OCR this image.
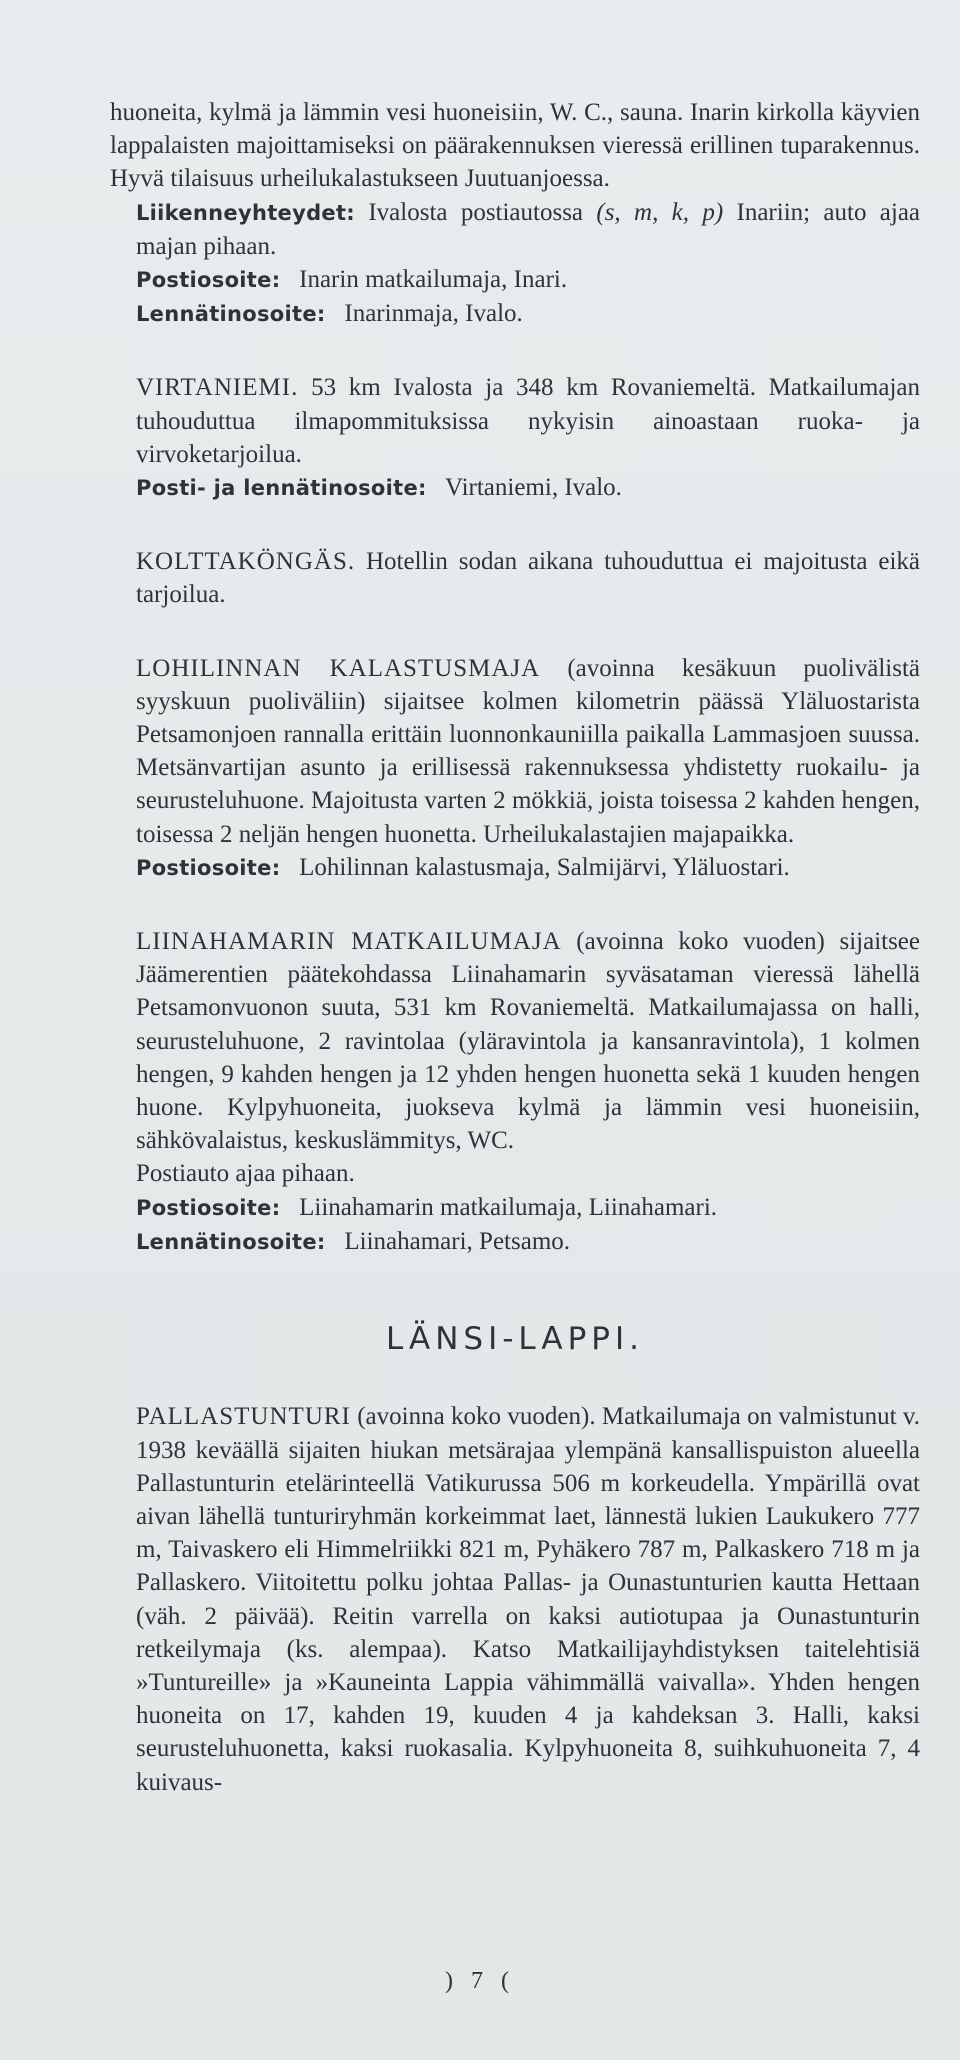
huoneita, kylmä ja lämmin vesi huoneisiin, W. C., sauna. Inarin kirkolla käyvien lappalaisten majoittamiseksi on päärakennuksen vieressä erillinen tuparakennus. Hyvä tilaisuus urheilukalastukseen Juutuanjoessa.

Liikenneyhteydet: Ivalosta postiautossa (s, m, k, p) Inariin; auto ajaa majan pihaan.

Postiosoite: Inarin matkailumaja, Inari.

Lennätinosoite: Inarinmaja, Ivalo.

VIRTANIEMI. 53 km Ivalosta ja 348 km Rovaniemeltä. Matkailumajan tuhouduttua ilmapommituksissa nykyisin ainoastaan ruoka- ja virvoketarjoilua.

Posti- ja lennätinosoite: Virtaniemi, Ivalo.

KOLTTAKÖNGÄS. Hotellin sodan aikana tuhouduttua ei majoitusta eikä tarjoilua.

LOHILINNAN KALASTUSMAJA (avoinna kesäkuun puolivälistä syyskuun puoliväliin) sijaitsee kolmen kilometrin päässä Yläluostarista Petsamonjoen rannalla erittäin luonnonkauniilla paikalla Lammasjoen suussa. Metsänvartijan asunto ja erillisessä rakennuksessa yhdistetty ruokailu- ja seurusteluhuone. Majoitusta varten 2 mökkiä, joista toisessa 2 kahden hengen, toisessa 2 neljän hengen huonetta. Urheilukalastajien majapaikka.

Postiosoite: Lohilinnan kalastusmaja, Salmijärvi, Yläluostari.

LIINAHAMARIN MATKAILUMAJA (avoinna koko vuoden) sijaitsee Jäämerentien päätekohdassa Liinahamarin syväsataman vieressä lähellä Petsamonvuonon suuta, 531 km Rovaniemeltä. Matkailumajassa on halli, seurusteluhuone, 2 ravintolaa (yläravintola ja kansanravintola), 1 kolmen hengen, 9 kahden hengen ja 12 yhden hengen huonetta sekä 1 kuuden hengen huone. Kylpyhuoneita, juokseva kylmä ja lämmin vesi huoneisiin, sähkövalaistus, keskuslämmitys, WC.

Postiauto ajaa pihaan.

Postiosoite: Liinahamarin matkailumaja, Liinahamari.

Lennätinosoite: Liinahamari, Petsamo.

LÄNSI-LAPPI.

PALLASTUNTURI (avoinna koko vuoden). Matkailumaja on valmistunut v. 1938 keväällä sijaiten hiukan metsärajaa ylempänä kansallispuiston alueella Pallastunturin etelärinteellä Vatikurussa 506 m korkeudella. Ympärillä ovat aivan lähellä tunturiryhmän korkeimmat laet, lännestä lukien Laukukero 777 m, Taivaskero eli Himmelriikki 821 m, Pyhäkero 787 m, Palkaskero 718 m ja Pallaskero. Viitoitettu polku johtaa Pallas- ja Ounastunturien kautta Hettaan (väh. 2 päivää). Reitin varrella on kaksi autiotupaa ja Ounastunturin retkeilymaja (ks. alempaa). Katso Matkailijayhdistyksen taitelehtisiä »Tuntureille» ja »Kauneinta Lappia vähimmällä vaivalla». Yhden hengen huoneita on 17, kahden 19, kuuden 4 ja kahdeksan 3. Halli, kaksi seurusteluhuonetta, kaksi ruokasalia. Kylpyhuoneita 8, suihkuhuoneita 7, 4 kuivaus-

) 7 (
